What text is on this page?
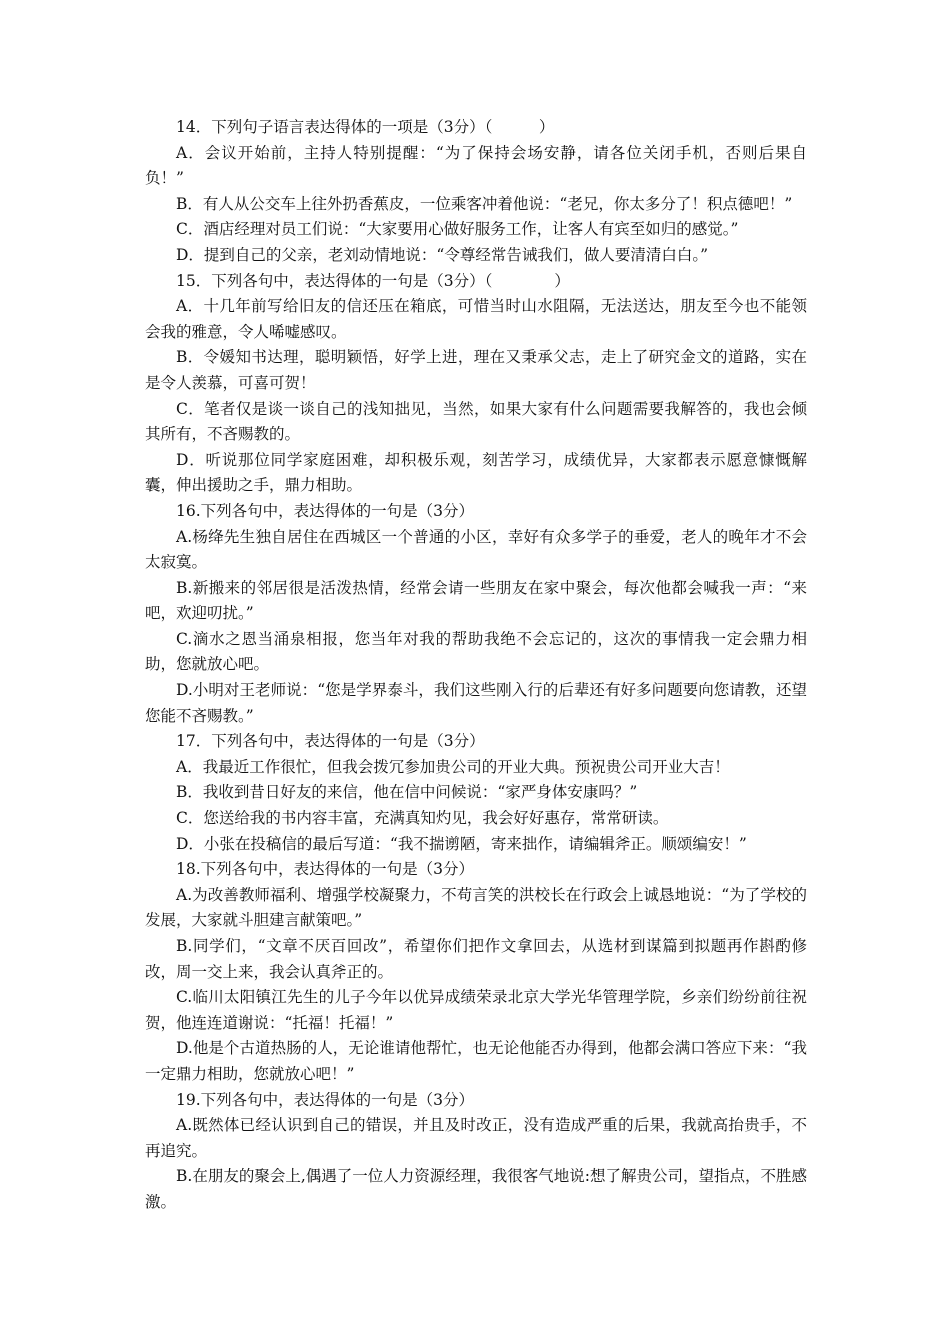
14．下列句子语言表达得体的一项是（3分）（　　　）

A．会议开始前，主持人特别提醒：“为了保持会场安静，请各位关闭手机，否则后果自负！”

B．有人从公交车上往外扔香蕉皮，一位乘客冲着他说：“老兄，你太多分了！积点德吧！”

C．酒店经理对员工们说：“大家要用心做好服务工作，让客人有宾至如归的感觉。”

D．提到自己的父亲，老刘动情地说：“令尊经常告诫我们，做人要清清白白。”

15．下列各句中，表达得体的一句是（3分）（　　　　）

A．十几年前写给旧友的信还压在箱底，可惜当时山水阻隔，无法送达，朋友至今也不能领会我的雅意，令人唏嘘感叹。

B．令媛知书达理，聪明颖悟，好学上进，理在又秉承父志，走上了研究金文的道路，实在是令人羡慕，可喜可贺！

C．笔者仅是谈一谈自己的浅知拙见，当然，如果大家有什么问题需要我解答的，我也会倾其所有，不吝赐教的。

D．听说那位同学家庭困难，却积极乐观，刻苦学习，成绩优异，大家都表示愿意慷慨解囊，伸出援助之手，鼎力相助。

16.下列各句中，表达得体的一句是（3分）

A.杨绛先生独自居住在西城区一个普通的小区，幸好有众多学子的垂爱，老人的晚年才不会太寂寞。

B.新搬来的邻居很是活泼热情，经常会请一些朋友在家中聚会，每次他都会喊我一声：“来吧，欢迎叨扰。”

C.滴水之恩当涌泉相报，您当年对我的帮助我绝不会忘记的，这次的事情我一定会鼎力相助，您就放心吧。

D.小明对王老师说：“您是学界泰斗，我们这些刚入行的后辈还有好多问题要向您请教，还望您能不吝赐教。”

17．下列各句中，表达得体的一句是（3分）

A．我最近工作很忙，但我会拨冗参加贵公司的开业大典。预祝贵公司开业大吉！

B．我收到昔日好友的来信，他在信中问候说：“家严身体安康吗？”

C．您送给我的书内容丰富，充满真知灼见，我会好好惠存，常常研读。

D．小张在投稿信的最后写道：“我不揣谫陋，寄来拙作，请编辑斧正。顺颂编安！”

18.下列各句中，表达得体的一句是（3分）

A.为改善教师福利、增强学校凝聚力，不苟言笑的洪校长在行政会上诚恳地说：“为了学校的发展，大家就斗胆建言献策吧。”

B.同学们，“文章不厌百回改”，希望你们把作文拿回去，从选材到谋篇到拟题再作斟酌修改，周一交上来，我会认真斧正的。

C.临川太阳镇江先生的儿子今年以优异成绩荣录北京大学光华管理学院，乡亲们纷纷前往祝贺，他连连道谢说：“托福！托福！”

D.他是个古道热肠的人，无论谁请他帮忙，也无论他能否办得到，他都会满口答应下来：“我一定鼎力相助，您就放心吧！”

19.下列各句中，表达得体的一句是（3分）

A.既然体已经认识到自己的错误，并且及时改正，没有造成严重的后果，我就高抬贵手，不再追究。

B.在朋友的聚会上,偶遇了一位人力资源经理，我很客气地说:想了解贵公司，望指点，不胜感激。
